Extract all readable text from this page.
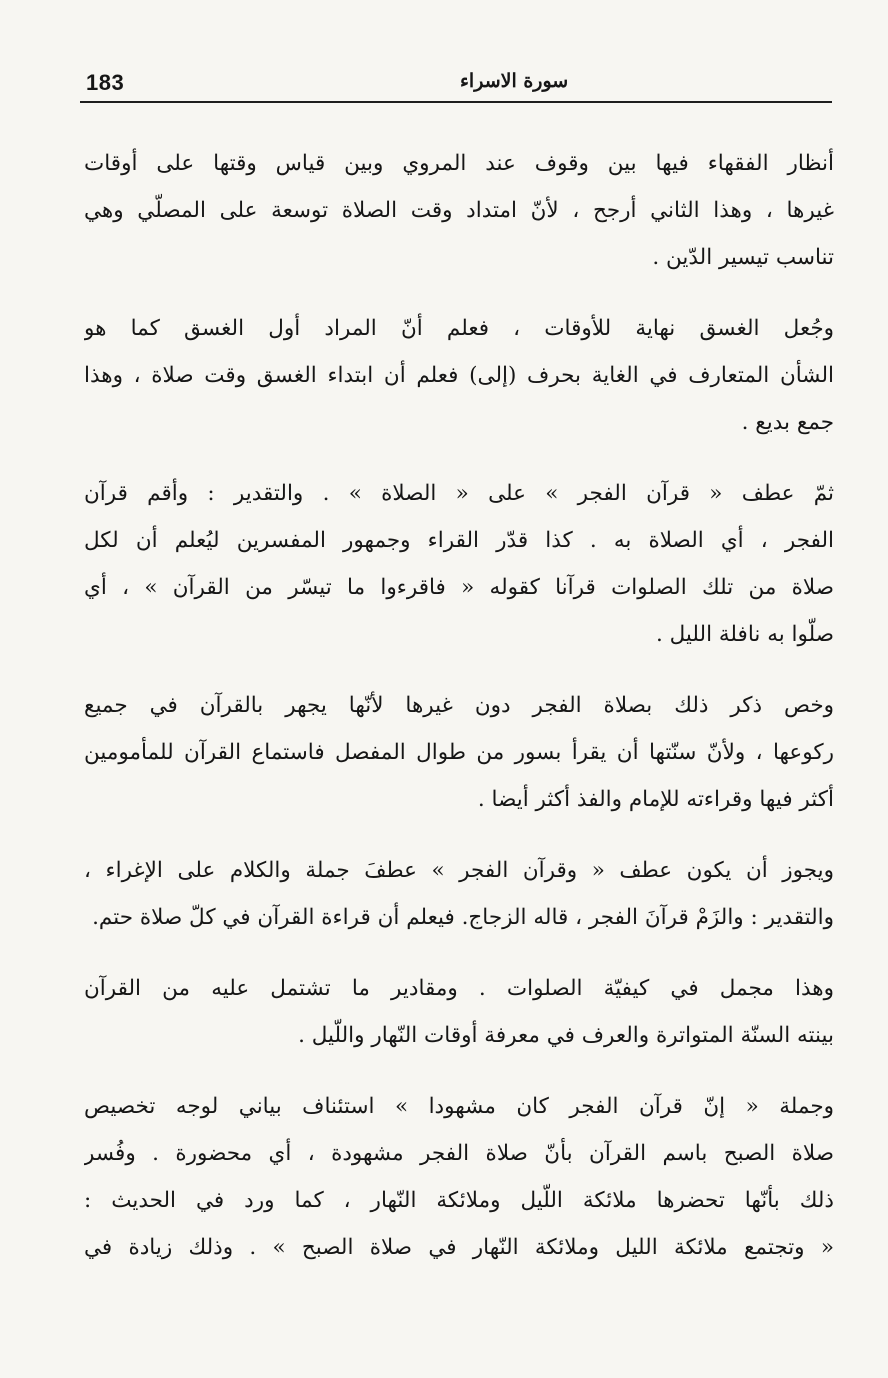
183	سورة الاسراء
أنظار الفقهاء فيها بين وقوف عند المروي وبين قياس وقتها على أوقات
غيرها ، وهذا الثاني أرجح ، لأنّ امتداد وقت الصلاة توسعة على المصلّي وهي
تناسب تيسير الدّين .
وجُعل الغسق نهاية للأوقات ، فعلم أنّ المراد أول الغسق كما هو
الشأن المتعارف في الغاية بحرف (إلى) فعلم أن ابتداء الغسق وقت صلاة ، وهذا
جمع بديع .
ثمّ عطف « قرآن الفجر » على « الصلاة » . والتقدير : وأقم قرآن
الفجر ، أي الصلاة به . كذا قدّر القراء وجمهور المفسرين ليُعلم أن لكل
صلاة من تلك الصلوات قرآنا كقوله « فاقرءوا ما تيسّر من القرآن » ، أي
صلّوا به نافلة الليل .
وخص ذكر ذلك بصلاة الفجر دون غيرها لأنّها يجهر بالقرآن في جميع
ركوعها ، ولأنّ سنّتها أن يقرأ بسور من طوال المفصل فاستماع القرآن للمأمومين
أكثر فيها وقراءته للإمام والفذ أكثر أيضا .
ويجوز أن يكون عطف « وقرآن الفجر » عطفَ جملة والكلام على الإغراء ،
والتقدير : والزَمْ قرآنَ الفجر ، قاله الزجاج. فيعلم أن قراءة القرآن في كلّ صلاة حتم.
وهذا مجمل في كيفيّة الصلوات . ومقادير ما تشتمل عليه من القرآن
بينته السنّة المتواترة والعرف في معرفة أوقات النّهار واللّيل .
وجملة « إنّ قرآن الفجر كان مشهودا » استئناف بياني لوجه تخصيص
صلاة الصبح باسم القرآن بأنّ صلاة الفجر مشهودة ، أي محضورة . وفُسر
ذلك بأنّها تحضرها ملائكة اللّيل وملائكة النّهار ، كما ورد في الحديث :
« وتجتمع ملائكة الليل وملائكة النّهار في صلاة الصبح » . وذلك زيادة في
